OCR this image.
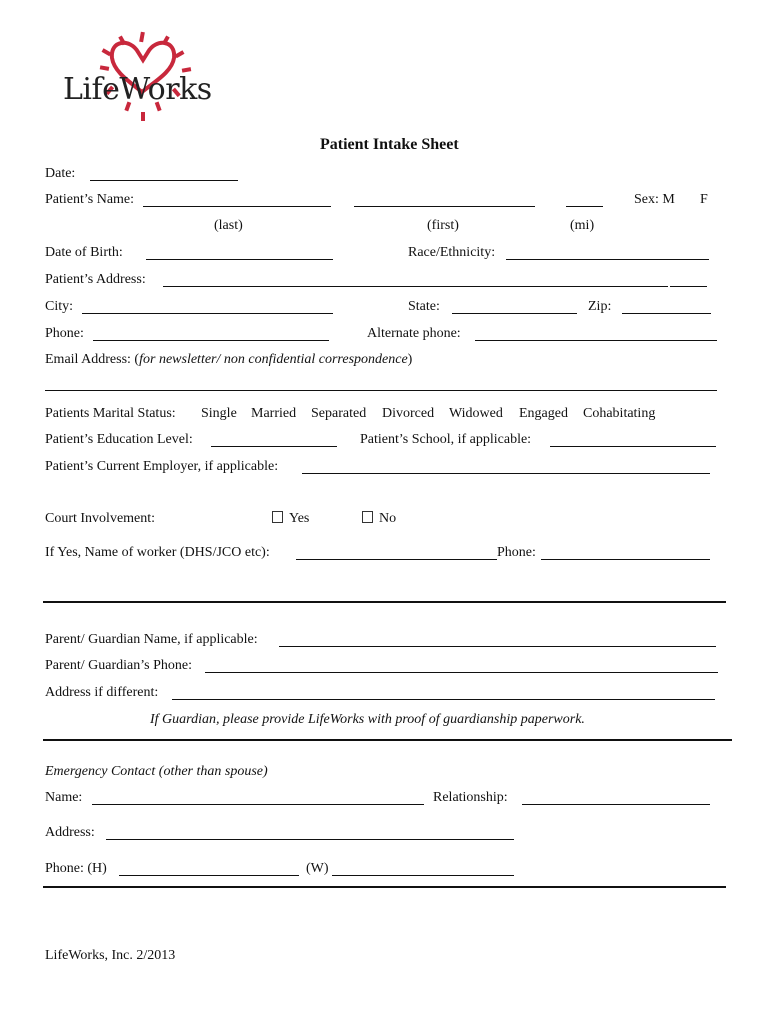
LifeWorks
Patient Intake Sheet
Date:
Patient’s Name:	Sex: M F
(last)	(first)	(mi)
Date of Birth:	Race/Ethnicity:
Patient’s Address:
City:	State:	Zip:
Phone:	Alternate phone:
Email Address: (for newsletter/ non confidential correspondence)
Patients Marital Status: Single Married Separated Divorced Widowed Engaged Cohabitating
Patient’s Education Level:	Patient’s School, if applicable:
Patient’s Current Employer, if applicable:
Court Involvement:	Yes	No
If Yes, Name of worker (DHS/JCO etc):	Phone:
Parent/ Guardian Name, if applicable:
Parent/ Guardian’s Phone:
Address if different:
If Guardian, please provide LifeWorks with proof of guardianship paperwork.
Emergency Contact (other than spouse)
Name:	Relationship:
Address:
Phone: (H)	(W)
LifeWorks, Inc. 2/2013
